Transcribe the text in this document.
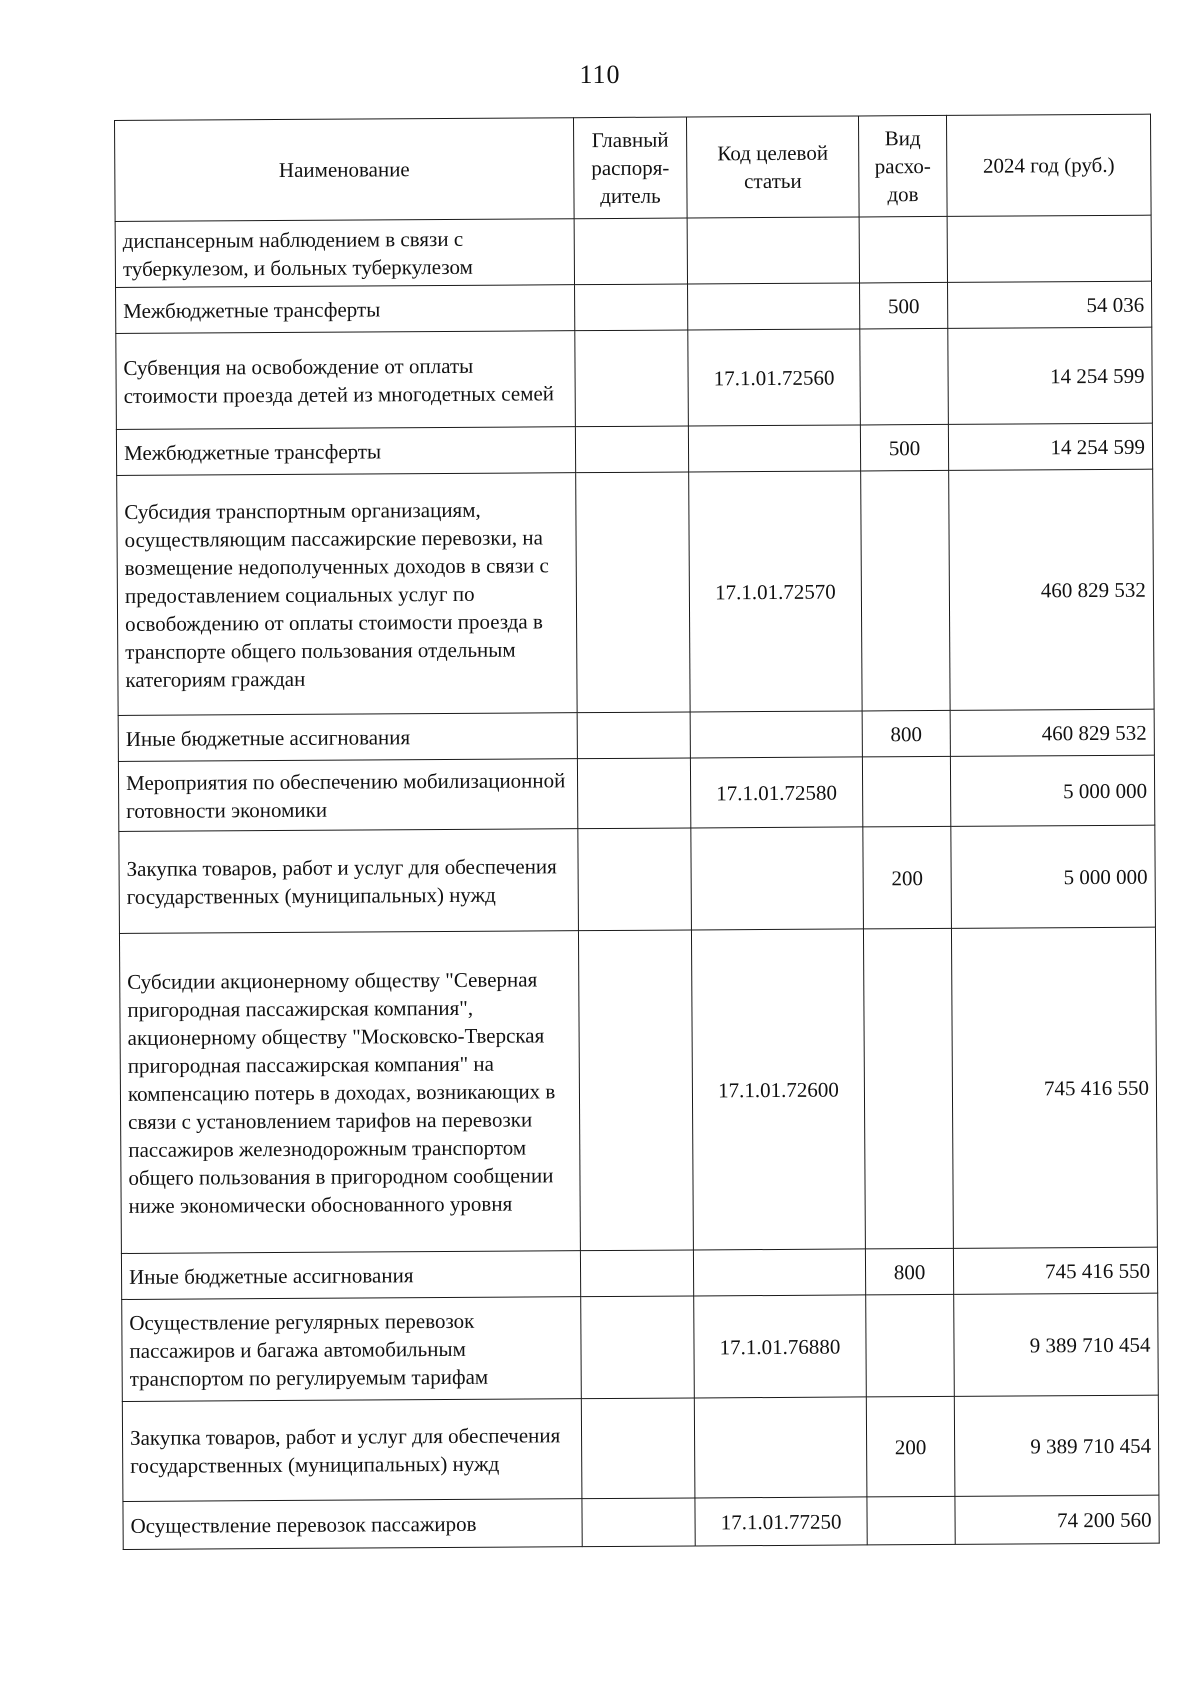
110
Наименование	Главный распоря-дитель	Код целевой статьи	Вид расхо-дов	2024 год (руб.)
диспансерным наблюдением в связи с туберкулезом, и больных туберкулезом				
Межбюджетные трансферты			500	54 036
Субвенция на освобождение от оплаты стоимости проезда детей из многодетных семей		17.1.01.72560		14 254 599
Межбюджетные трансферты			500	14 254 599
Субсидия транспортным организациям, осуществляющим пассажирские перевозки, на возмещение недополученных доходов в связи с предоставлением социальных услуг по освобождению от оплаты стоимости проезда в транспорте общего пользования отдельным категориям граждан		17.1.01.72570		460 829 532
Иные бюджетные ассигнования			800	460 829 532
Мероприятия по обеспечению мобилизационной готовности экономики		17.1.01.72580		5 000 000
Закупка товаров, работ и услуг для обеспечения государственных (муниципальных) нужд			200	5 000 000
Субсидии акционерному обществу "Северная пригородная пассажирская компания", акционерному обществу "Московско-Тверская пригородная пассажирская компания" на компенсацию потерь в доходах, возникающих в связи с установлением тарифов на перевозки пассажиров железнодорожным транспортом общего пользования в пригородном сообщении ниже экономически обоснованного уровня		17.1.01.72600		745 416 550
Иные бюджетные ассигнования			800	745 416 550
Осуществление регулярных перевозок пассажиров и багажа автомобильным транспортом по регулируемым тарифам		17.1.01.76880		9 389 710 454
Закупка товаров, работ и услуг для обеспечения государственных (муниципальных) нужд			200	9 389 710 454
Осуществление перевозок пассажиров		17.1.01.77250		74 200 560
